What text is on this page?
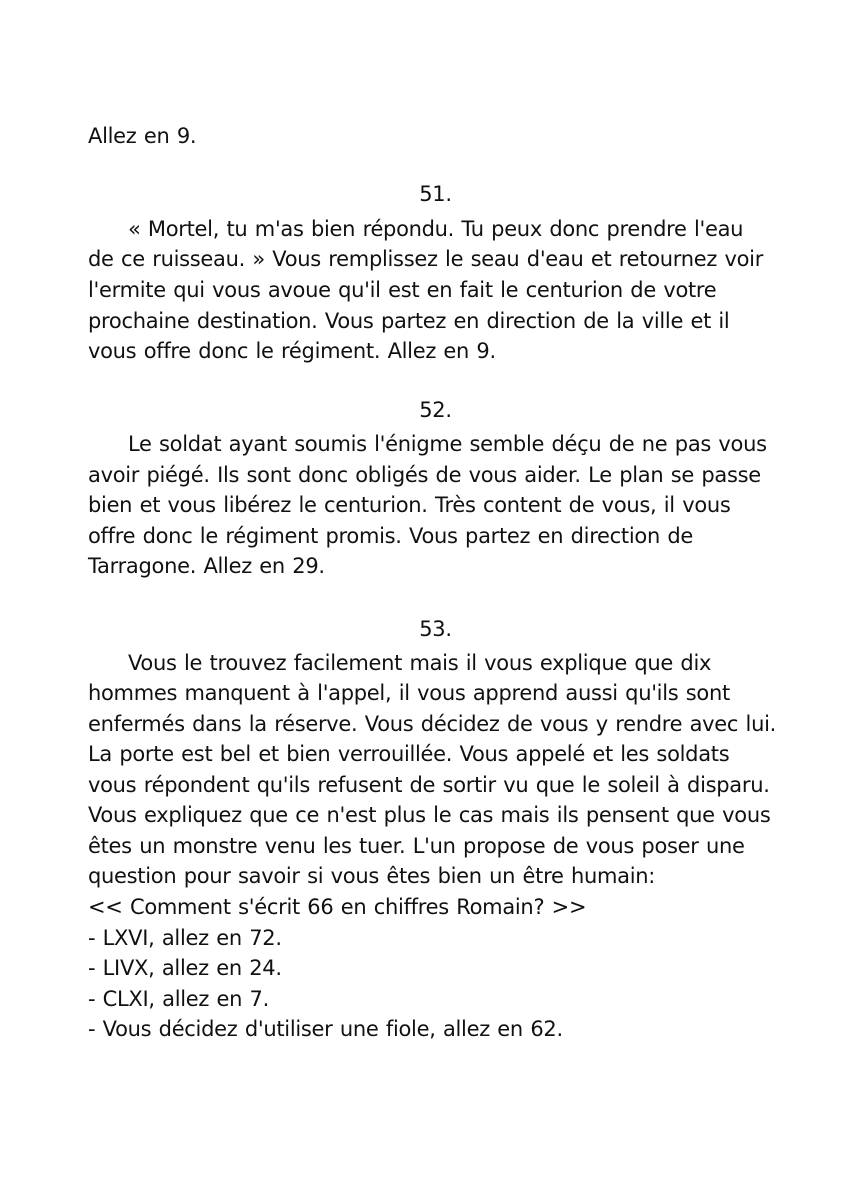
Allez en 9.
51.
« Mortel, tu m'as bien répondu. Tu peux donc prendre l'eau
de ce ruisseau. » Vous remplissez le seau d'eau et retournez voir
l'ermite qui vous avoue qu'il est en fait le centurion de votre
prochaine destination. Vous partez en direction de la ville et il
vous offre donc le régiment. Allez en 9.
52.
Le soldat ayant soumis l'énigme semble déçu de ne pas vous
avoir piégé. Ils sont donc obligés de vous aider. Le plan se passe
bien et vous libérez le centurion. Très content de vous, il vous
offre donc le régiment promis. Vous partez en direction de
Tarragone. Allez en 29.
53.
Vous le trouvez facilement mais il vous explique que dix
hommes manquent à l'appel, il vous apprend aussi qu'ils sont
enfermés dans la réserve. Vous décidez de vous y rendre avec lui.
La porte est bel et bien verrouillée. Vous appelé et les soldats
vous répondent qu'ils refusent de sortir vu que le soleil à disparu.
Vous expliquez que ce n'est plus le cas mais ils pensent que vous
êtes un monstre venu les tuer. L'un propose de vous poser une
question pour savoir si vous êtes bien un être humain:
<< Comment s'écrit 66 en chiffres Romain? >>
- LXVI, allez en 72.
- LIVX, allez en 24.
- CLXI, allez en 7.
- Vous décidez d'utiliser une fiole, allez en 62.
